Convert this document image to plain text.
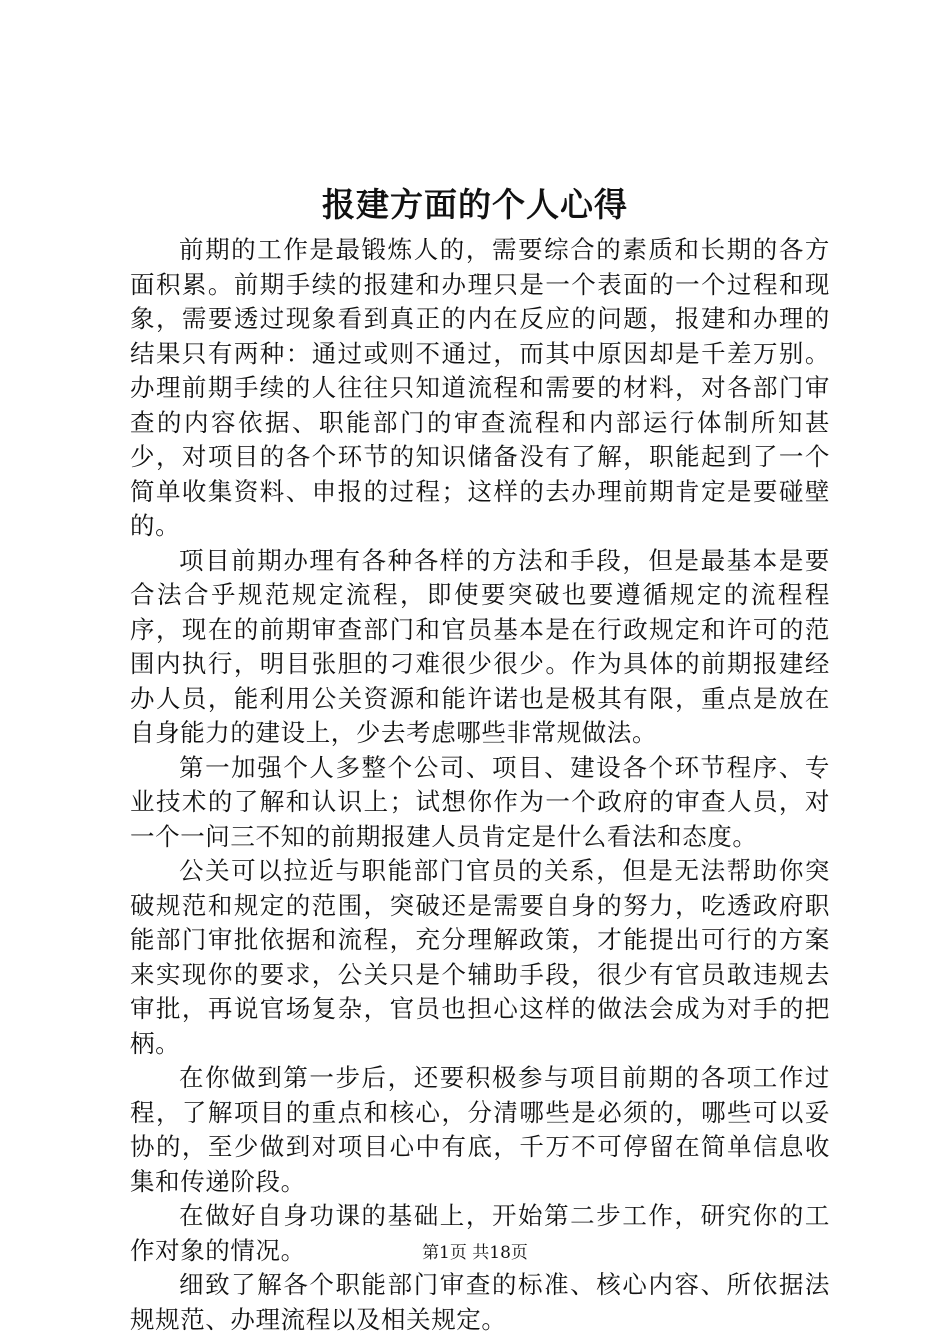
报建方面的个人心得

前期的工作是最锻炼人的，需要综合的素质和长期的各方面积累。前期手续的报建和办理只是一个表面的一个过程和现象，需要透过现象看到真正的内在反应的问题，报建和办理的结果只有两种：通过或则不通过，而其中原因却是千差万别。办理前期手续的人往往只知道流程和需要的材料，对各部门审查的内容依据、职能部门的审查流程和内部运行体制所知甚少，对项目的各个环节的知识储备没有了解，职能起到了一个简单收集资料、申报的过程；这样的去办理前期肯定是要碰壁的。

项目前期办理有各种各样的方法和手段，但是最基本是要合法合乎规范规定流程，即使要突破也要遵循规定的流程程序，现在的前期审查部门和官员基本是在行政规定和许可的范围内执行，明目张胆的刁难很少很少。作为具体的前期报建经办人员，能利用公关资源和能许诺也是极其有限，重点是放在自身能力的建设上，少去考虑哪些非常规做法。

第一加强个人多整个公司、项目、建设各个环节程序、专业技术的了解和认识上；试想你作为一个政府的审查人员，对一个一问三不知的前期报建人员肯定是什么看法和态度。

公关可以拉近与职能部门官员的关系，但是无法帮助你突破规范和规定的范围，突破还是需要自身的努力，吃透政府职能部门审批依据和流程，充分理解政策，才能提出可行的方案来实现你的要求，公关只是个辅助手段，很少有官员敢违规去审批，再说官场复杂，官员也担心这样的做法会成为对手的把柄。

在你做到第一步后，还要积极参与项目前期的各项工作过程，了解项目的重点和核心，分清哪些是必须的，哪些可以妥协的，至少做到对项目心中有底，千万不可停留在简单信息收集和传递阶段。

在做好自身功课的基础上，开始第二步工作，研究你的工作对象的情况。

细致了解各个职能部门审查的标准、核心内容、所依据法规规范、办理流程以及相关规定。

第1页 共18页
